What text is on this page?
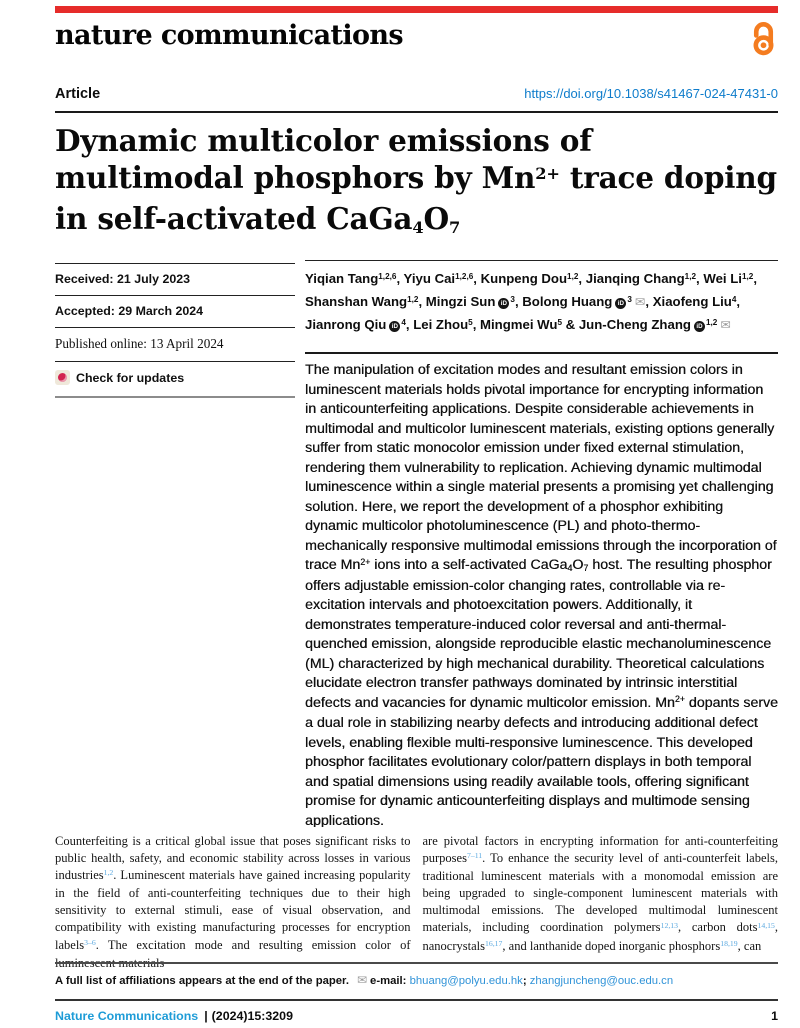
nature communications
Article	https://doi.org/10.1038/s41467-024-47431-0
Dynamic multicolor emissions of
multimodal phosphors by $Mn^{2+}$ trace doping
in self-activated $CaGa_4O_7$
Received: 21 July 2023
Accepted: 29 March 2024
Published online: 13 April 2024
Check for updates
Yiqian Tang$^{1,2,6}$, Yiyu Cai$^{1,2,6}$, Kunpeng Dou$^{1,2}$, Jianqing Chang$^{1,2}$, Wei Li$^{1,2}$, Shanshan Wang$^{1,2}$, Mingzi Sun iD $^3$, Bolong Huang iD $^3$ ✉, Xiaofeng Liu$^4$, Jianrong Qiu iD $^4$, Lei Zhou$^5$, Mingmei Wu$^5$ & Jun-Cheng Zhang iD $^{1,2}$ ✉
The manipulation of excitation modes and resultant emission colors in luminescent materials holds pivotal importance for encrypting information in anticounterfeiting applications. Despite considerable achievements in multimodal and multicolor luminescent materials, existing options generally suffer from static monocolor emission under fixed external stimulation, rendering them vulnerability to replication. Achieving dynamic multimodal luminescence within a single material presents a promising yet challenging solution. Here, we report the development of a phosphor exhibiting dynamic multicolor photoluminescence (PL) and photo-thermo-mechanically responsive multimodal emissions through the incorporation of trace $Mn^{2+}$ ions into a self-activated $CaGa_4O_7$ host. The resulting phosphor offers adjustable emission-color changing rates, controllable via re-excitation intervals and photoexcitation powers. Additionally, it demonstrates temperature-induced color reversal and anti-thermal-quenched emission, alongside reproducible elastic mechanoluminescence (ML) characterized by high mechanical durability. Theoretical calculations elucidate electron transfer pathways dominated by intrinsic interstitial defects and vacancies for dynamic multicolor emission. $Mn^{2+}$ dopants serve a dual role in stabilizing nearby defects and introducing additional defect levels, enabling flexible multi-responsive luminescence. This developed phosphor facilitates evolutionary color/pattern displays in both temporal and spatial dimensions using readily available tools, offering significant promise for dynamic anticounterfeiting displays and multimode sensing applications.

Counterfeiting is a critical global issue that poses significant risks to public health, safety, and economic stability across losses in various industries$^{1,2}$. Luminescent materials have gained increasing popularity in the field of anti-counterfeiting techniques due to their high sensitivity to external stimuli, ease of visual observation, and compatibility with existing manufacturing processes for encryption labels$^{3-6}$. The excitation mode and resulting emission color of luminescent materials

are pivotal factors in encrypting information for anti-counterfeiting purposes$^{7-11}$. To enhance the security level of anti-counterfeit labels, traditional luminescent materials with a monomodal emission are being upgraded to single-component luminescent materials with multimodal emissions. The developed multimodal luminescent materials, including coordination polymers$^{12,13}$, carbon dots$^{14,15}$, nanocrystals$^{16,17}$, and lanthanide doped inorganic phosphors$^{18,19}$, can

A full list of affiliations appears at the end of the paper. ✉ e-mail: bhuang@polyu.edu.hk; zhangjuncheng@ouc.edu.cn
Nature Communications | (2024)15:3209	1
